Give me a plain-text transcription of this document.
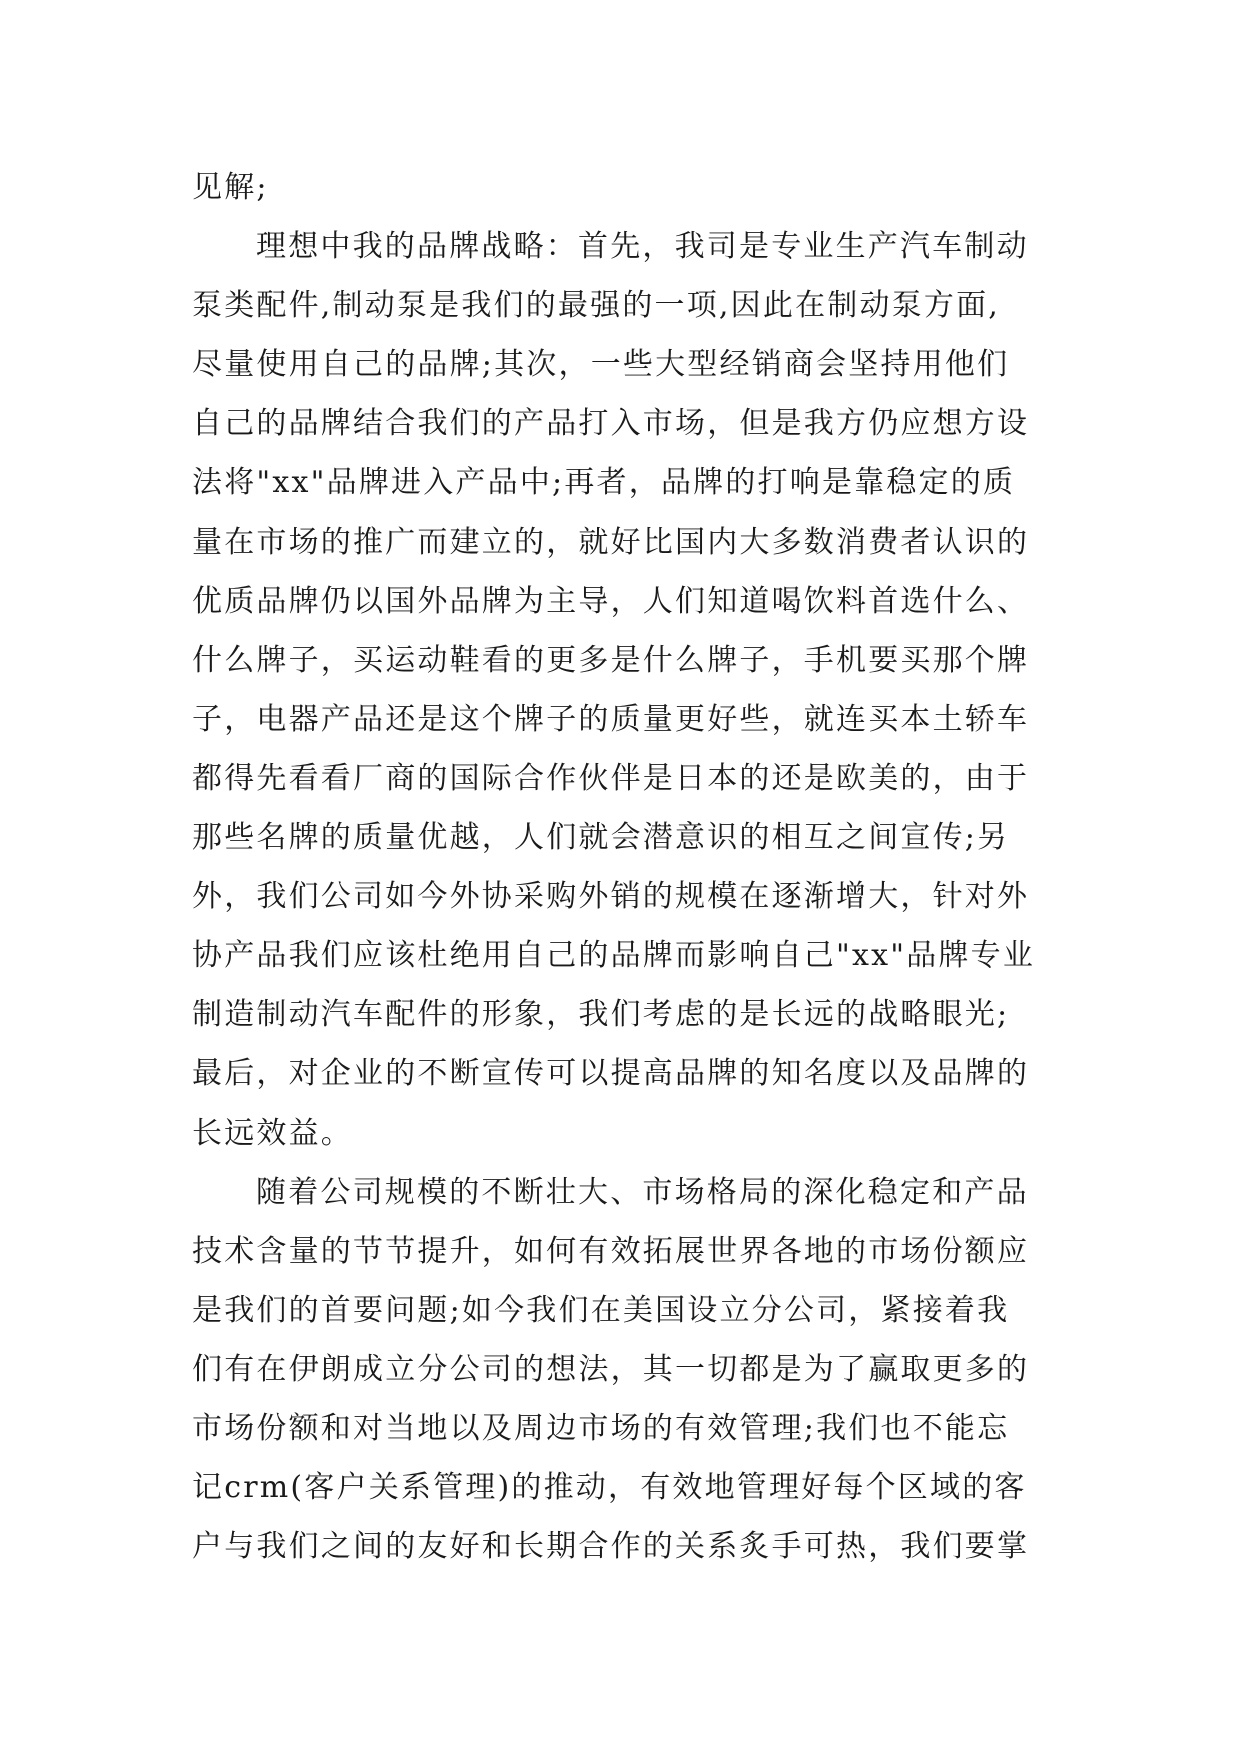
见解;
理想中我的品牌战略：首先，我司是专业生产汽车制动
泵类配件,制动泵是我们的最强的一项,因此在制动泵方面,
尽量使用自己的品牌;其次，一些大型经销商会坚持用他们
自己的品牌结合我们的产品打入市场，但是我方仍应想方设
法将"xx"品牌进入产品中;再者，品牌的打响是靠稳定的质
量在市场的推广而建立的，就好比国内大多数消费者认识的
优质品牌仍以国外品牌为主导，人们知道喝饮料首选什么、
什么牌子，买运动鞋看的更多是什么牌子，手机要买那个牌
子，电器产品还是这个牌子的质量更好些，就连买本土轿车
都得先看看厂商的国际合作伙伴是日本的还是欧美的，由于
那些名牌的质量优越，人们就会潜意识的相互之间宣传;另
外，我们公司如今外协采购外销的规模在逐渐增大，针对外
协产品我们应该杜绝用自己的品牌而影响自己"xx"品牌专业
制造制动汽车配件的形象，我们考虑的是长远的战略眼光;
最后，对企业的不断宣传可以提高品牌的知名度以及品牌的
长远效益。
随着公司规模的不断壮大、市场格局的深化稳定和产品
技术含量的节节提升，如何有效拓展世界各地的市场份额应
是我们的首要问题;如今我们在美国设立分公司，紧接着我
们有在伊朗成立分公司的想法，其一切都是为了赢取更多的
市场份额和对当地以及周边市场的有效管理;我们也不能忘
记crm(客户关系管理)的推动，有效地管理好每个区域的客
户与我们之间的友好和长期合作的关系炙手可热，我们要掌
